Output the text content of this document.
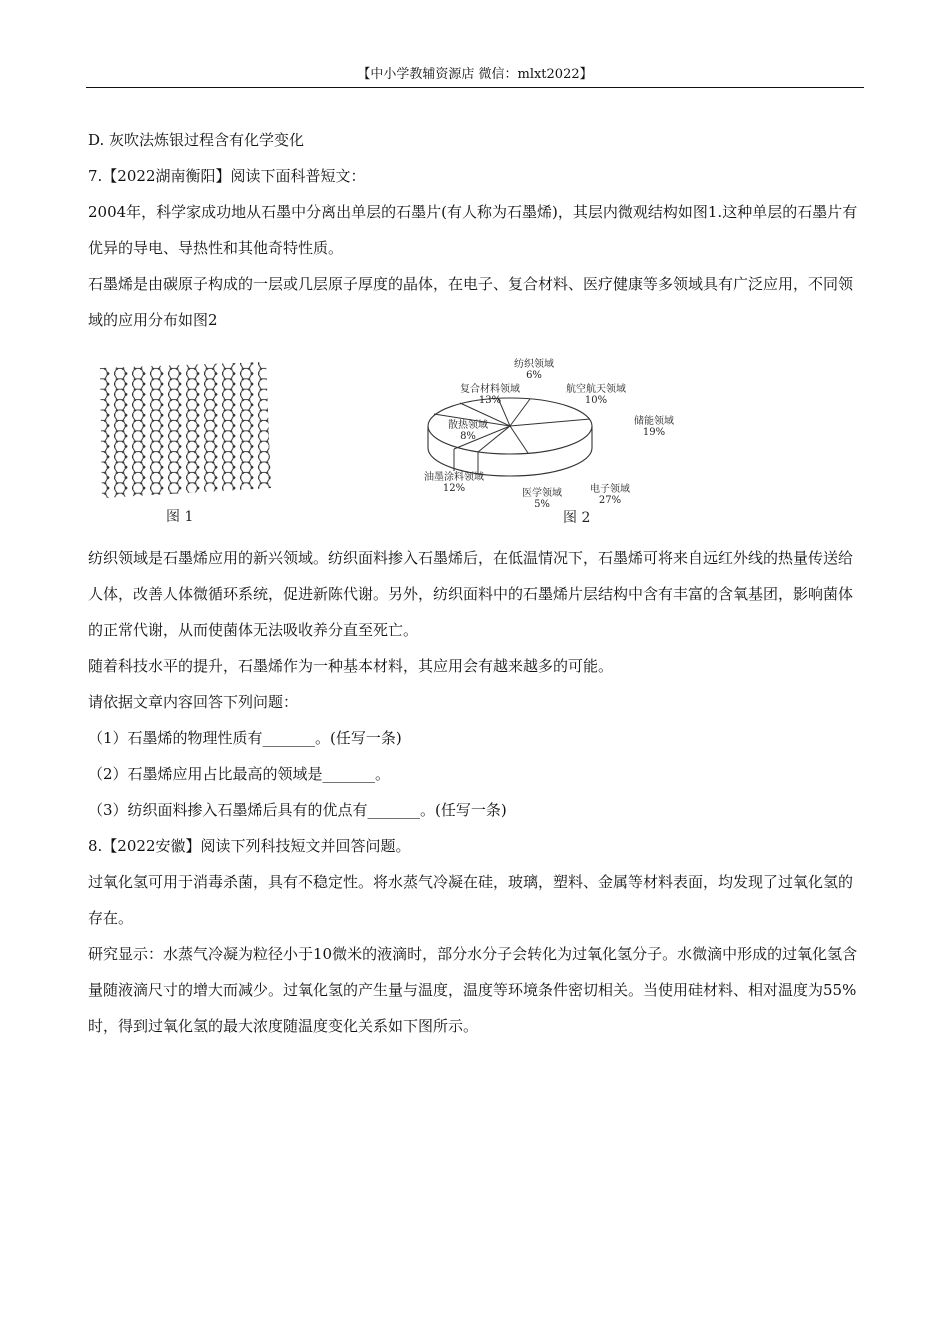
【中小学教辅资源店 微信：mlxt2022】

D. 灰吹法炼银过程含有化学变化

7.【2022湖南衡阳】阅读下面科普短文：

2004年，科学家成功地从石墨中分离出单层的石墨片(有人称为石墨烯)，其层内微观结构如图1.这种单层的石墨片有优异的导电、导热性和其他奇特性质。

石墨烯是由碳原子构成的一层或几层原子厚度的晶体，在电子、复合材料、医疗健康等多领域具有广泛应用，不同领域的应用分布如图2

图 1
纺织领域
6%
航空航天领域
10%
储能领域
19%
电子领域
27%
医学领域
5%
油墨涂料领域
12%
散热领域
8%
复合材料领域
13%
图 2

纺织领域是石墨烯应用的新兴领域。纺织面料掺入石墨烯后，在低温情况下，石墨烯可将来自远红外线的热量传送给人体，改善人体微循环系统，促进新陈代谢。另外，纺织面料中的石墨烯片层结构中含有丰富的含氧基团，影响菌体的正常代谢，从而使菌体无法吸收养分直至死亡。

随着科技水平的提升，石墨烯作为一种基本材料，其应用会有越来越多的可能。

请依据文章内容回答下列问题：

（1）石墨烯的物理性质有_______。(任写一条)

（2）石墨烯应用占比最高的领域是_______。

（3）纺织面料掺入石墨烯后具有的优点有_______。(任写一条)

8.【2022安徽】阅读下列科技短文并回答问题。

过氧化氢可用于消毒杀菌，具有不稳定性。将水蒸气冷凝在硅，玻璃，塑料、金属等材料表面，均发现了过氧化氢的存在。

研究显示：水蒸气冷凝为粒径小于10微米的液滴时，部分水分子会转化为过氧化氢分子。水微滴中形成的过氧化氢含量随液滴尺寸的增大而减少。过氧化氢的产生量与温度，温度等环境条件密切相关。当使用硅材料、相对温度为55%时，得到过氧化氢的最大浓度随温度变化关系如下图所示。
